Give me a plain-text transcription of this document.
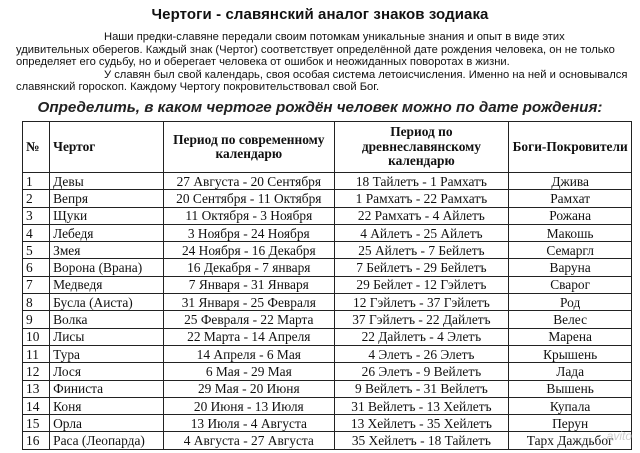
Чертоги - славянский аналог знаков зодиака

Наши предки-славяне передали своим потомкам уникальные знания и опыт в виде этих удивительных оберегов. Каждый знак (Чертог) соответствует определённой дате рождения человека, он не только определяет его судьбу, но и оберегает человека от ошибок и неожиданных поворотах в жизни.

У славян был свой календарь, своя особая система летоисчисления. Именно на ней и основывался славянский гороскоп. Каждому Чертогу покровительствовал свой Бог.

Определить, в каком чертоге рождён человек можно по дате рождения:
№	Чертог	Период по современному календарю	Период по древнеславянскому календарю	Боги-Покровители
1	Девы	27 Августа - 20 Сентября	18 Тайлетъ - 1 Рамхатъ	Джива
2	Вепря	20 Сентября - 11 Октября	1 Рамхатъ - 22 Рамхатъ	Рамхат
3	Щуки	11 Октября - 3 Ноября	22 Рамхатъ - 4 Айлетъ	Рожана
4	Лебедя	3 Ноября - 24 Ноября	4 Айлетъ - 25 Айлетъ	Макошь
5	Змея	24 Ноября - 16 Декабря	25 Айлетъ - 7 Бейлетъ	Семаргл
6	Ворона (Врана)	16 Декабря - 7 января	7 Бейлетъ - 29 Бейлетъ	Варуна
7	Медведя	7 Января - 31 Января	29 Бейлет - 12 Гэйлетъ	Сварог
8	Бусла (Аиста)	31 Января - 25 Февраля	12 Гэйлетъ - 37 Гэйлетъ	Род
9	Волка	25 Февраля - 22 Марта	37 Гэйлетъ - 22 Дайлетъ	Велес
10	Лисы	22 Марта - 14 Апреля	22 Дайлетъ - 4 Элетъ	Марена
11	Тура	14 Апреля - 6 Мая	4 Элетъ - 26 Элетъ	Крышень
12	Лося	6 Мая - 29 Мая	26 Элетъ - 9 Вейлетъ	Лада
13	Финиста	29 Мая - 20 Июня	9 Вейлетъ - 31 Вейлетъ	Вышень
14	Коня	20 Июня - 13 Июля	31 Вейлетъ - 13 Хейлетъ	Купала
15	Орла	13 Июля - 4 Августа	13 Хейлетъ - 35 Хейлетъ	Перун
16	Раса (Леопарда)	4 Августа - 27 Августа	35 Хейлетъ - 18 Тайлетъ	Тарх Даждьбог
avito
